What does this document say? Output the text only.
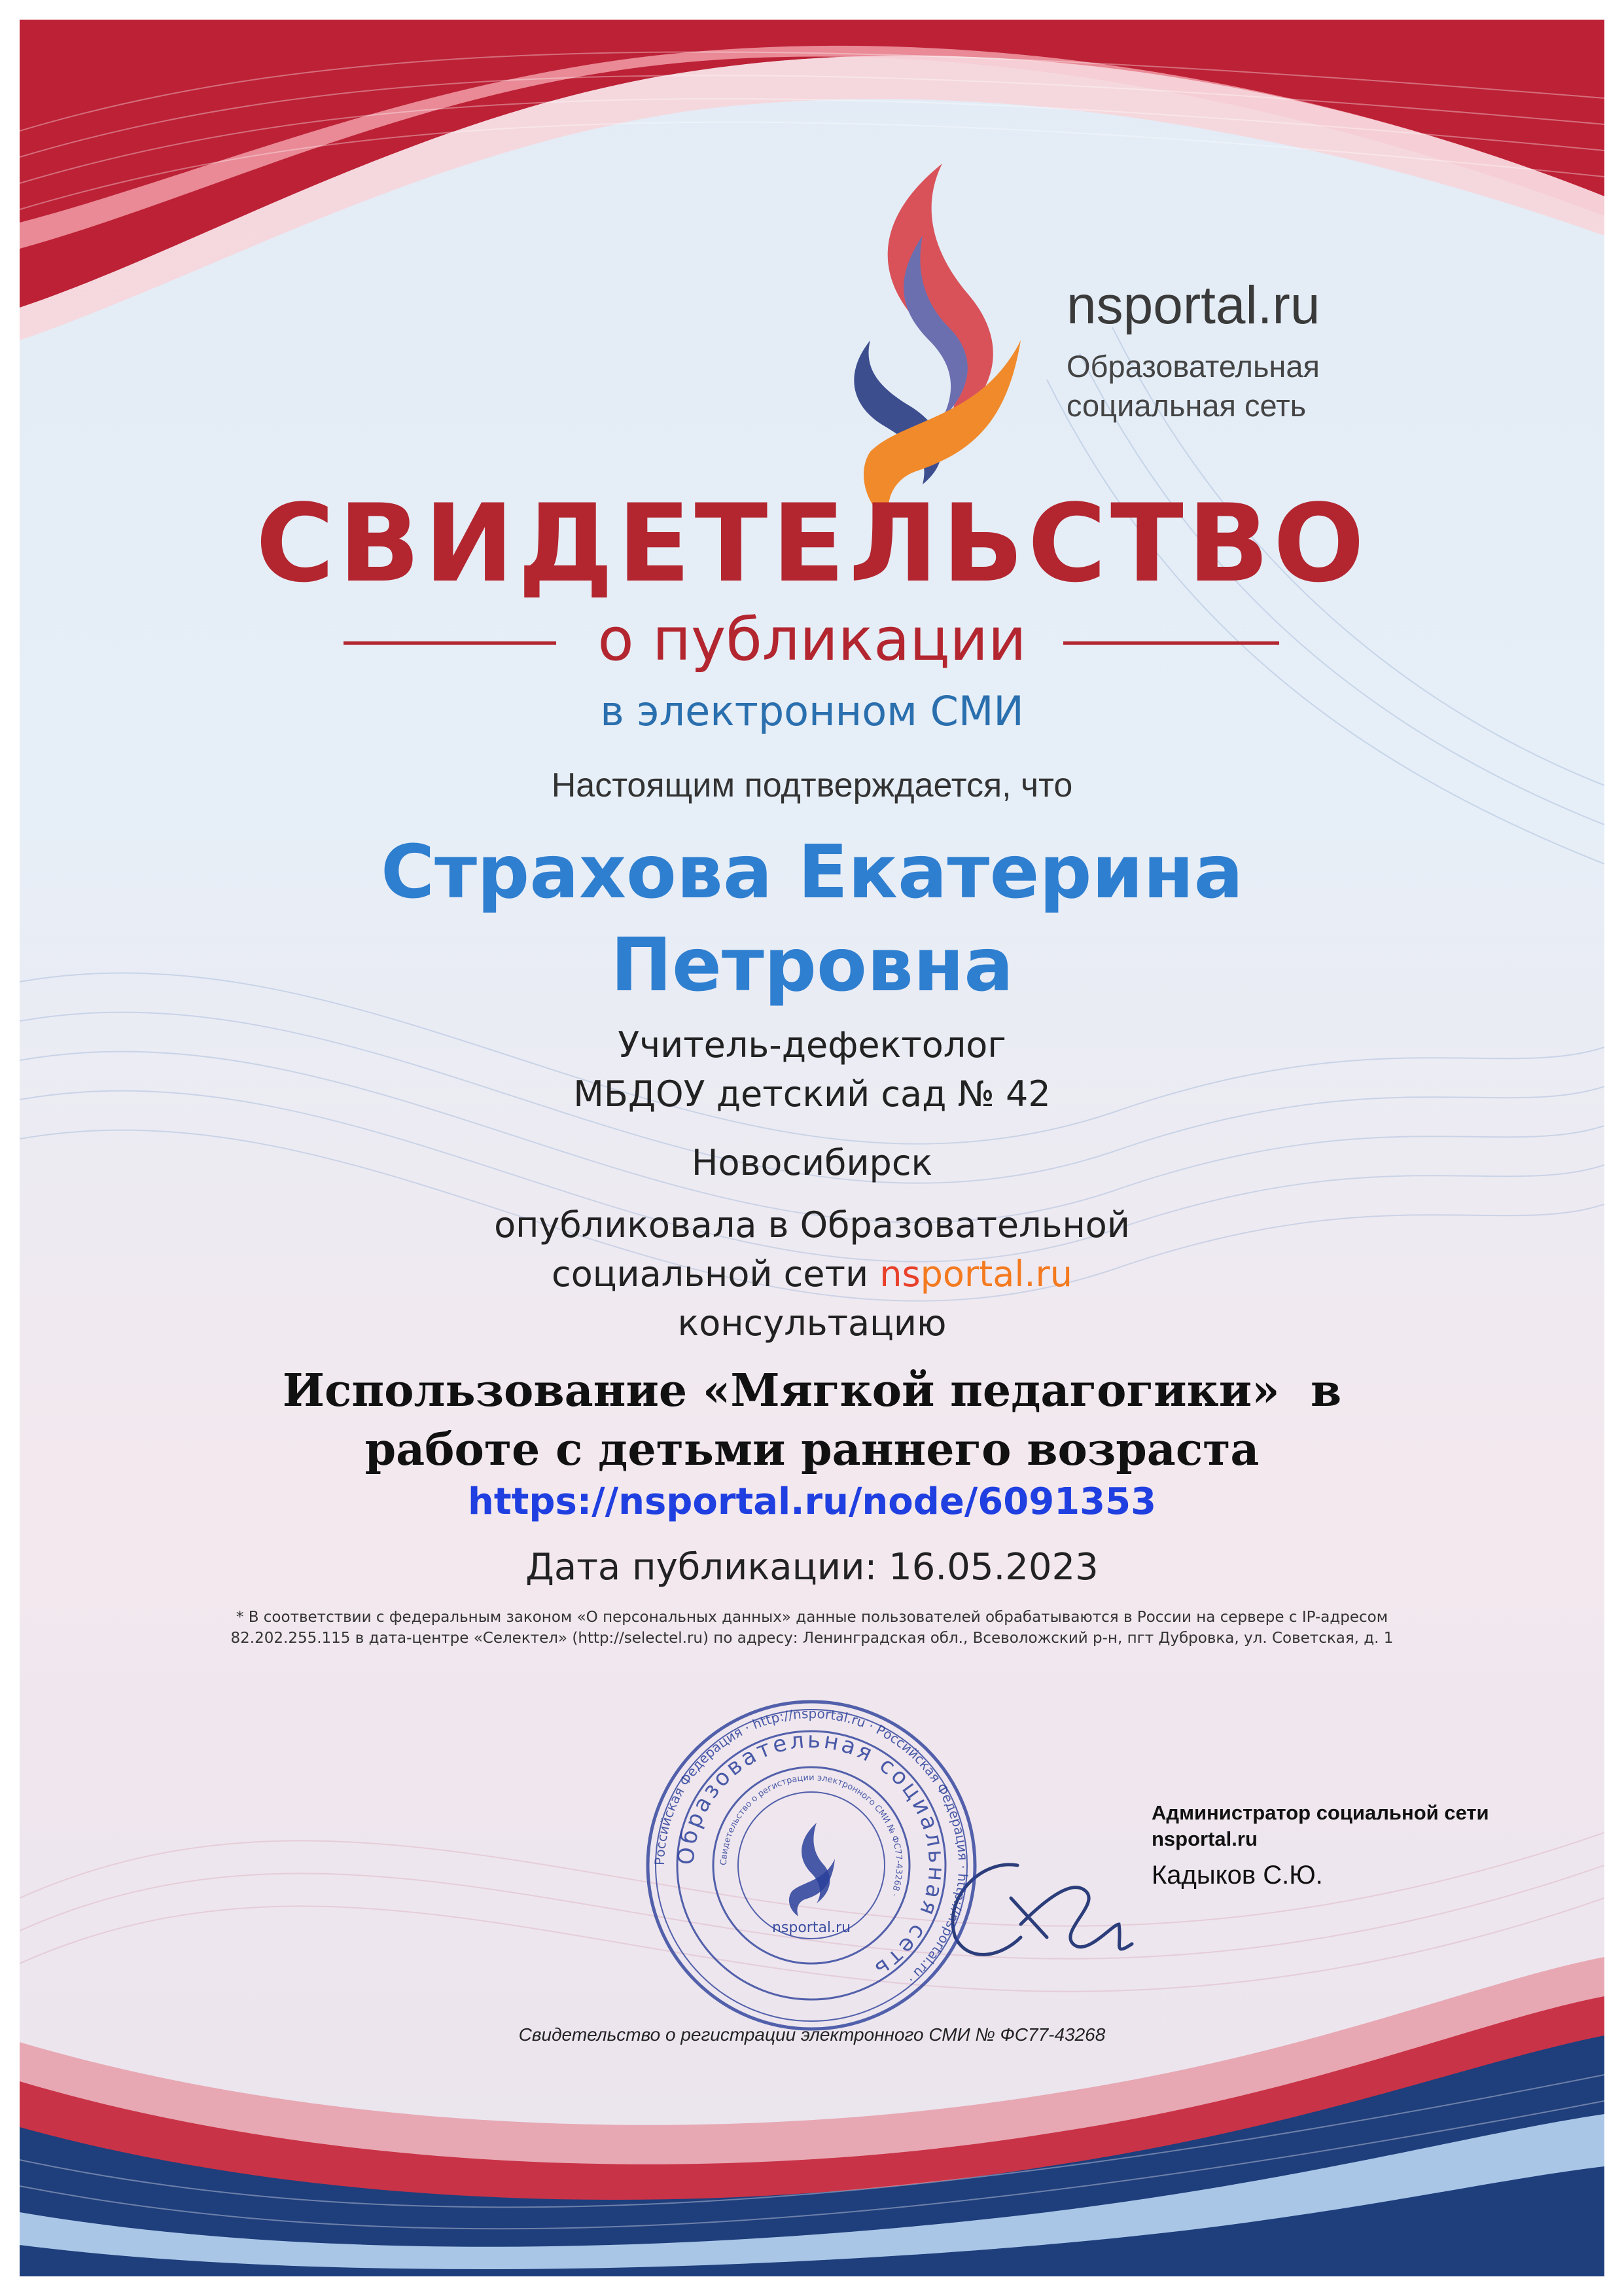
Российская Федерация · http://nsportal.ru · Российская Федерация · http://nsportal.ru ·
Образовательная социальная сеть
Свидетельство о регистрации электронного СМИ № ФС77-43268 ·
nsportal.ru
nsportal.ru
Образовательная
социальная сеть
СВИДЕТЕЛЬСТВО
о публикации
в электронном СМИ
Настоящим подтверждается, что
Страхова Екатерина
Петровна
Учитель-дефектолог
МБДОУ детский сад № 42
Новосибирск
опубликовала в Образовательной
социальной сети nsportal.ru
консультацию
Использование «Мягкой педагогики»  в
работе с детьми раннего возраста
https://nsportal.ru/node/6091353
Дата публикации: 16.05.2023
* В соответствии с федеральным законом «О персональных данных» данные пользователей обрабатываются в России на сервере с IP-адресом
82.202.255.115 в дата-центре «Селектел» (http://selectel.ru) по адресу: Ленинградская обл., Всеволожский р-н, пгт Дубровка, ул. Советская, д. 1
Администратор социальной сети nsportal.ru
Кадыков С.Ю.
Свидетельство о регистрации электронного СМИ № ФС77-43268
